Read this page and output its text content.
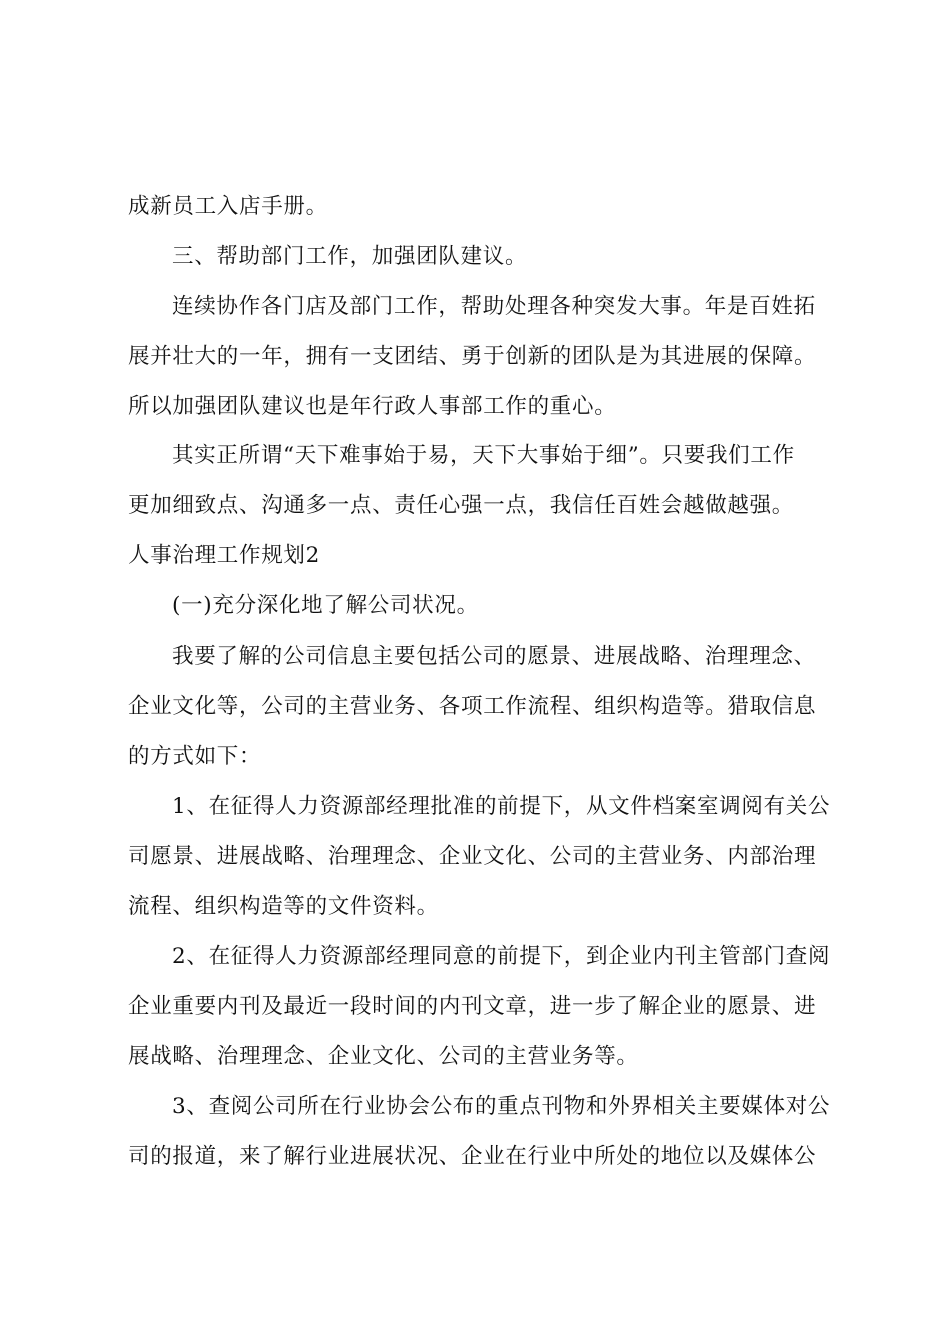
成新员工入店手册。
三、帮助部门工作，加强团队建议。
连续协作各门店及部门工作，帮助处理各种突发大事。年是百姓拓
展并壮大的一年，拥有一支团结、勇于创新的团队是为其进展的保障。
所以加强团队建议也是年行政人事部工作的重心。
其实正所谓“天下难事始于易，天下大事始于细”。只要我们工作
更加细致点、沟通多一点、责任心强一点，我信任百姓会越做越强。
人事治理工作规划2
(一)充分深化地了解公司状况。
我要了解的公司信息主要包括公司的愿景、进展战略、治理理念、
企业文化等，公司的主营业务、各项工作流程、组织构造等。猎取信息
的方式如下：
1、在征得人力资源部经理批准的前提下，从文件档案室调阅有关公
司愿景、进展战略、治理理念、企业文化、公司的主营业务、内部治理
流程、组织构造等的文件资料。
2、在征得人力资源部经理同意的前提下，到企业内刊主管部门查阅
企业重要内刊及最近一段时间的内刊文章，进一步了解企业的愿景、进
展战略、治理理念、企业文化、公司的主营业务等。
3、查阅公司所在行业协会公布的重点刊物和外界相关主要媒体对公
司的报道，来了解行业进展状况、企业在行业中所处的地位以及媒体公
